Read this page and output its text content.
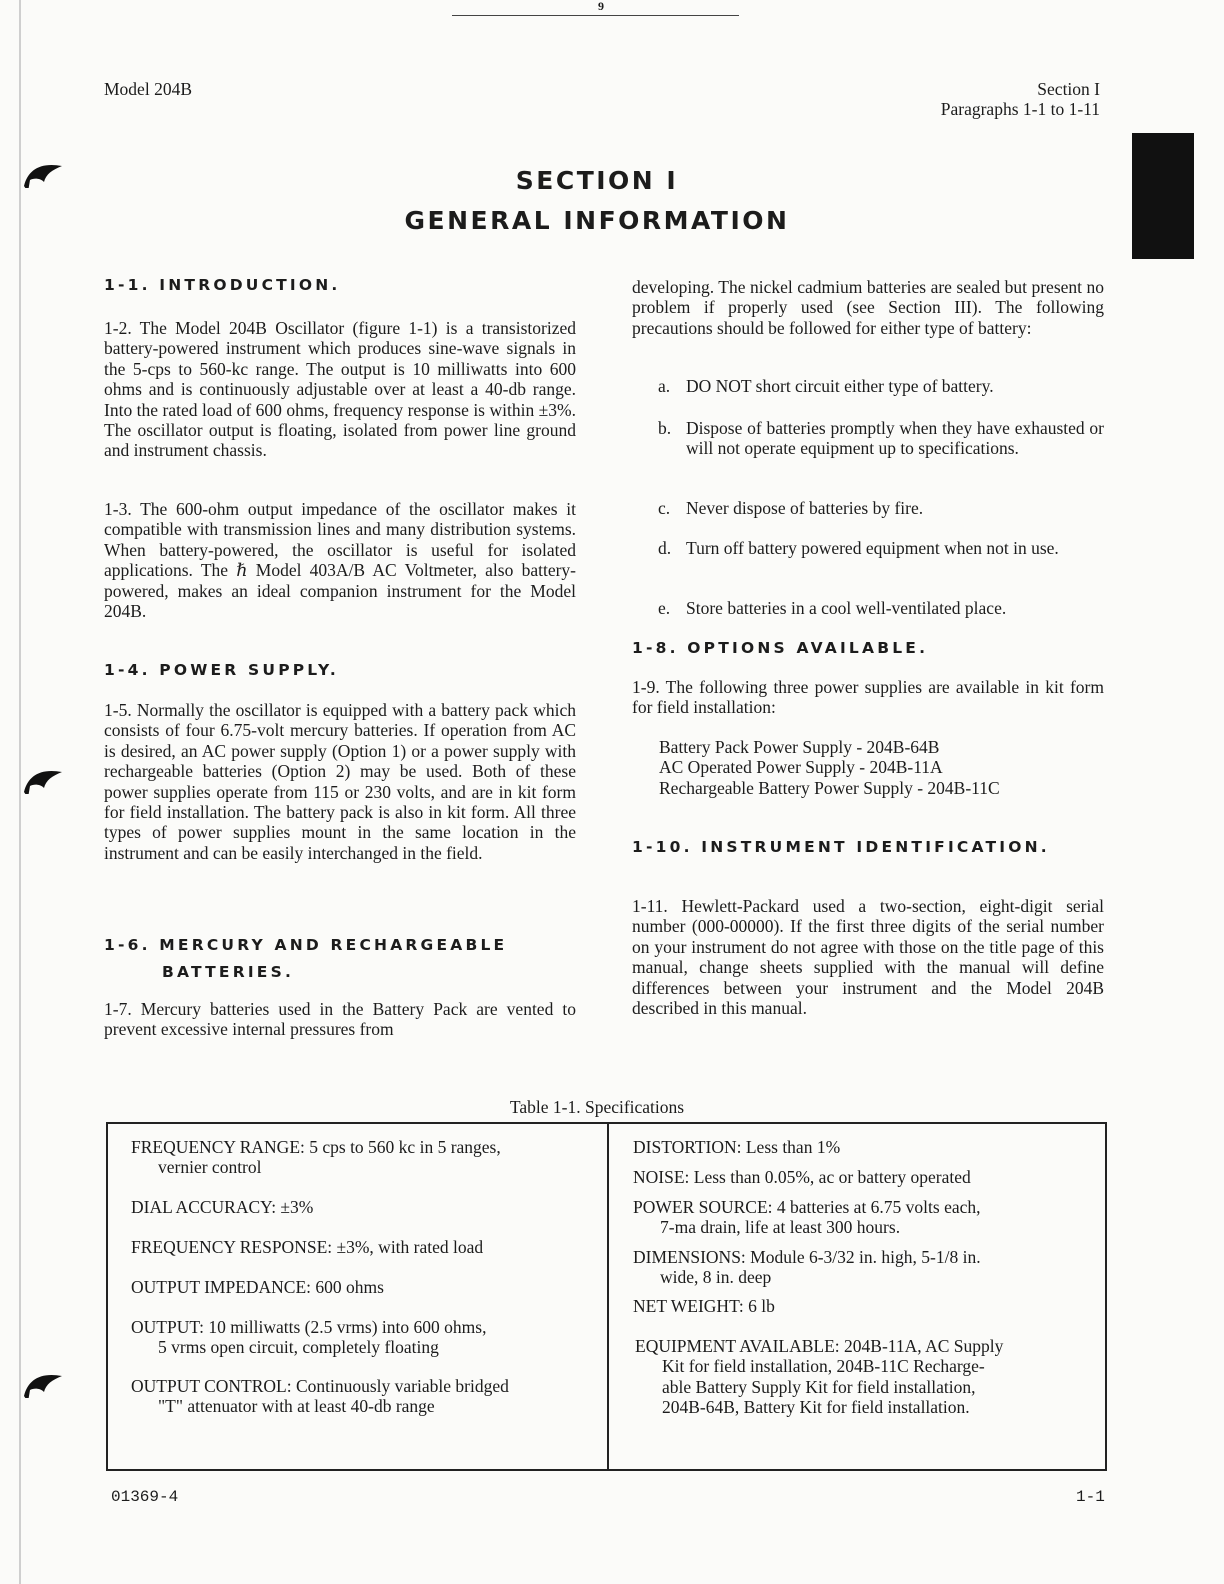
9
Model 204B	Section I
Paragraphs 1-1 to 1-11
SECTION I
GENERAL INFORMATION
1-1. INTRODUCTION.
1-2. The Model 204B Oscillator (figure 1-1) is a transistorized battery-powered instrument which produces sine-wave signals in the 5-cps to 560-kc range. The output is 10 milliwatts into 600 ohms and is continuously adjustable over at least a 40-db range. Into the rated load of 600 ohms, frequency response is within ±3%. The oscillator output is floating, isolated from power line ground and instrument chassis.
1-3. The 600-ohm output impedance of the oscillator makes it compatible with transmission lines and many distribution systems. When battery-powered, the oscillator is useful for isolated applications. The ℏ Model 403A/B AC Voltmeter, also battery-powered, makes an ideal companion instrument for the Model 204B.
1-4. POWER SUPPLY.
1-5. Normally the oscillator is equipped with a battery pack which consists of four 6.75-volt mercury batteries. If operation from AC is desired, an AC power supply (Option 1) or a power supply with rechargeable batteries (Option 2) may be used. Both of these power supplies operate from 115 or 230 volts, and are in kit form for field installation. The battery pack is also in kit form. All three types of power supplies mount in the same location in the instrument and can be easily interchanged in the field.
1-6. MERCURY AND RECHARGEABLE
BATTERIES.
1-7. Mercury batteries used in the Battery Pack are vented to prevent excessive internal pressures from
developing. The nickel cadmium batteries are sealed but present no problem if properly used (see Section III). The following precautions should be followed for either type of battery:
a. DO NOT short circuit either type of battery.
b. Dispose of batteries promptly when they have exhausted or will not operate equipment up to specifications.
c. Never dispose of batteries by fire.
d. Turn off battery powered equipment when not in use.
e. Store batteries in a cool well-ventilated place.
1-8. OPTIONS AVAILABLE.
1-9. The following three power supplies are available in kit form for field installation:
Battery Pack Power Supply - 204B-64B
AC Operated Power Supply - 204B-11A
Rechargeable Battery Power Supply - 204B-11C
1-10. INSTRUMENT IDENTIFICATION.
1-11. Hewlett-Packard used a two-section, eight-digit serial number (000-00000). If the first three digits of the serial number on your instrument do not agree with those on the title page of this manual, change sheets supplied with the manual will define differences between your instrument and the Model 204B described in this manual.
Table 1-1. Specifications
FREQUENCY RANGE: 5 cps to 560 kc in 5 ranges,
vernier control
DIAL ACCURACY: ±3%
FREQUENCY RESPONSE: ±3%, with rated load
OUTPUT IMPEDANCE: 600 ohms
OUTPUT: 10 milliwatts (2.5 vrms) into 600 ohms,
5 vrms open circuit, completely floating
OUTPUT CONTROL: Continuously variable bridged
"T" attenuator with at least 40-db range
DISTORTION: Less than 1%
NOISE: Less than 0.05%, ac or battery operated
POWER SOURCE: 4 batteries at 6.75 volts each,
7-ma drain, life at least 300 hours.
DIMENSIONS: Module 6-3/32 in. high, 5-1/8 in.
wide, 8 in. deep
NET WEIGHT: 6 lb
EQUIPMENT AVAILABLE: 204B-11A, AC Supply
Kit for field installation, 204B-11C Recharge-
able Battery Supply Kit for field installation,
204B-64B, Battery Kit for field installation.
01369-4	1-1
